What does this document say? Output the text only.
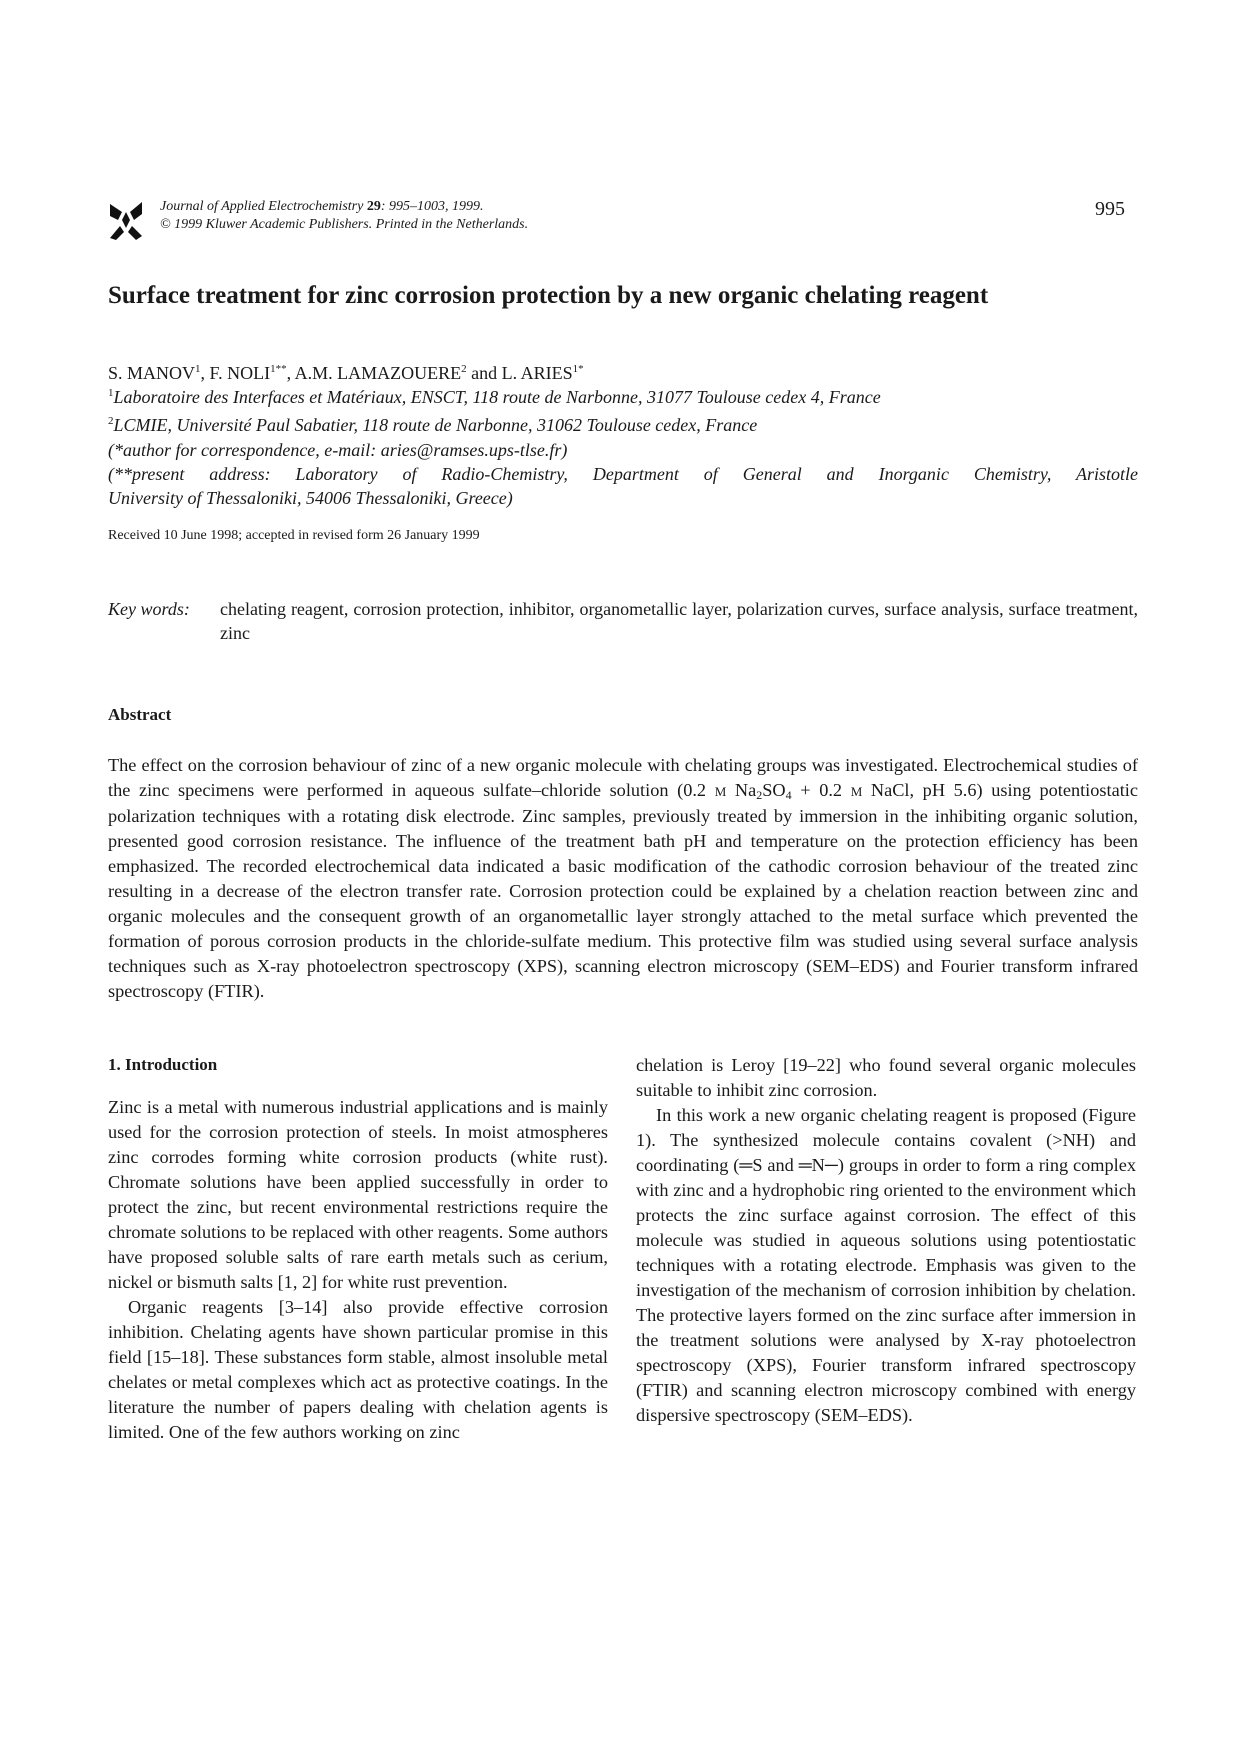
Journal of Applied Electrochemistry 29: 995–1003, 1999.
© 1999 Kluwer Academic Publishers. Printed in the Netherlands.
995
Surface treatment for zinc corrosion protection by a new organic chelating reagent
S. MANOV$^1$, F. $NOLI^{1**}$, A.M. LAMAZOUERE$^2$ and L. $ARIES^{1*}$
$^1$Laboratoire des Interfaces et Matériaux, ENSCT, 118 route de Narbonne, 31077 Toulouse cedex 4, France
$^2$LCMIE, Université Paul Sabatier, 118 route de Narbonne, 31062 Toulouse cedex, France
(*author for correspondence, e-mail: aries@ramses.ups-tlse.fr)
(**present address: Laboratory of Radio-Chemistry, Department of General and Inorganic Chemistry, Aristotle
University of Thessaloniki, 54006 Thessaloniki, Greece)
Received 10 June 1998; accepted in revised form 26 January 1999
Key words: chelating reagent, corrosion protection, inhibitor, organometallic layer, polarization curves, surface analysis, surface treatment, zinc
Abstract
The effect on the corrosion behaviour of zinc of a new organic molecule with chelating groups was investigated. Electrochemical studies of the zinc specimens were performed in aqueous sulfate–chloride solution (0.2 M $Na_2SO_4 + 0.2$ M NaCl, pH 5.6) using potentiostatic polarization techniques with a rotating disk electrode. Zinc samples, previously treated by immersion in the inhibiting organic solution, presented good corrosion resistance. The influence of the treatment bath pH and temperature on the protection efficiency has been emphasized. The recorded electrochemical data indicated a basic modification of the cathodic corrosion behaviour of the treated zinc resulting in a decrease of the electron transfer rate. Corrosion protection could be explained by a chelation reaction between zinc and organic molecules and the consequent growth of an organometallic layer strongly attached to the metal surface which prevented the formation of porous corrosion products in the chloride-sulfate medium. This protective film was studied using several surface analysis techniques such as X-ray photoelectron spectroscopy (XPS), scanning electron microscopy (SEM–EDS) and Fourier transform infrared spectroscopy (FTIR).
1. Introduction

Zinc is a metal with numerous industrial applications and is mainly used for the corrosion protection of steels. In moist atmospheres zinc corrodes forming white corrosion products (white rust). Chromate solutions have been applied successfully in order to protect the zinc, but recent environmental restrictions require the chromate solutions to be replaced with other reagents. Some authors have proposed soluble salts of rare earth metals such as cerium, nickel or bismuth salts [1, 2] for white rust prevention.

Organic reagents [3–14] also provide effective corrosion inhibition. Chelating agents have shown particular promise in this field [15–18]. These substances form stable, almost insoluble metal chelates or metal complexes which act as protective coatings. In the literature the number of papers dealing with chelation agents is limited. One of the few authors working on zinc

chelation is Leroy [19–22] who found several organic molecules suitable to inhibit zinc corrosion.

In this work a new organic chelating reagent is proposed (Figure 1). The synthesized molecule contains covalent (>NH) and coordinating (═S and ═N─) groups in order to form a ring complex with zinc and a hydrophobic ring oriented to the environment which protects the zinc surface against corrosion. The effect of this molecule was studied in aqueous solutions using potentiostatic techniques with a rotating electrode. Emphasis was given to the investigation of the mechanism of corrosion inhibition by chelation. The protective layers formed on the zinc surface after immersion in the treatment solutions were analysed by X-ray photoelectron spectroscopy (XPS), Fourier transform infrared spectroscopy (FTIR) and scanning electron microscopy combined with energy dispersive spectroscopy (SEM–EDS).
